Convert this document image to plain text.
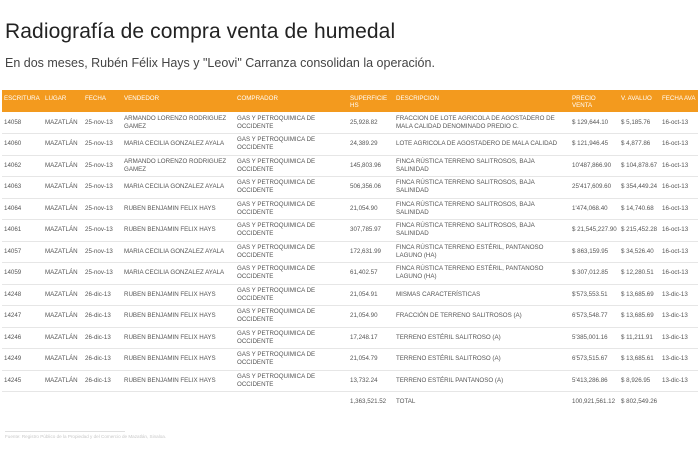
Radiografía de compra venta de humedal

En dos meses, Rubén Félix Hays y "Leovi" Carranza consolidan la operación.

ESCRITURA	LUGAR	FECHA	VENDEDOR	COMPRADOR	SUPERFICIE HS	DESCRIPCION	PRECIO VENTA	V. AVALUO	FECHA AVA
14058	MAZATLÁN	25-nov-13	ARMANDO LORENZO RODRIGUEZ GAMEZ	GAS Y PETROQUIMICA DE OCCIDENTE	25,928.82	FRACCION DE LOTE AGRICOLA DE AGOSTADERO DE MALA CALIDAD DENOMINADO PREDIO C.	$ 129,644.10	$ 5,185.76	16-oct-13
14060	MAZATLÁN	25-nov-13	MARIA CECILIA GONZALEZ AYALA	GAS Y PETROQUIMICA DE OCCIDENTE	24,389.29	LOTE AGRICOLA DE AGOSTADERO DE MALA CALIDAD	$ 121,946.45	$ 4,877.86	16-oct-13
14062	MAZATLÁN	25-nov-13	ARMANDO LORENZO RODRIGUEZ GAMEZ	GAS Y PETROQUIMICA DE OCCIDENTE	145,803.96	FINCA RÚSTICA TERRENO SALITROSOS, BAJA SALINIDAD	10'487,866.90	$ 104,878.67	16-oct-13
14063	MAZATLÁN	25-nov-13	MARIA CECILIA GONZALEZ AYALA	GAS Y PETROQUIMICA DE OCCIDENTE	506,356.06	FINCA RÚSTICA TERRENO SALITROSOS, BAJA SALINIDAD	25'417,609.60	$ 354,449.24	16-oct-13
14064	MAZATLÁN	25-nov-13	RUBEN BENJAMIN FELIX HAYS	GAS Y PETROQUIMICA DE OCCIDENTE	21,054.90	FINCA RÚSTICA TERRENO SALITROSOS, BAJA SALINIDAD	1'474,068.40	$ 14,740.68	16-oct-13
14061	MAZATLÁN	25-nov-13	RUBEN BENJAMIN FELIX HAYS	GAS Y PETROQUIMICA DE OCCIDENTE	307,785.97	FINCA RÚSTICA TERRENO SALITROSOS, BAJA SALINIDAD	$ 21,545,227.90	$ 215,452.28	16-oct-13
14057	MAZATLÁN	25-nov-13	MARIA CECILIA GONZALEZ AYALA	GAS Y PETROQUIMICA DE OCCIDENTE	172,631.99	FINCA RÚSTICA TERRENO ESTÉRIL, PANTANOSO LAGUNO (HA)	$ 863,159.95	$ 34,526.40	16-oct-13
14059	MAZATLÁN	25-nov-13	MARIA CECILIA GONZALEZ AYALA	GAS Y PETROQUIMICA DE OCCIDENTE	61,402.57	FINCA RÚSTICA TERRENO ESTÉRIL, PANTANOSO LAGUNO (HA)	$ 307,012.85	$ 12,280.51	16-oct-13
14248	MAZATLÁN	26-dic-13	RUBEN BENJAMIN FELIX HAYS	GAS Y PETROQUIMICA DE OCCIDENTE	21,054.91	MISMAS CARACTERÍSTICAS	$'573,553.51	$ 13,685.69	13-dic-13
14247	MAZATLÁN	26-dic-13	RUBEN BENJAMIN FELIX HAYS	GAS Y PETROQUIMICA DE OCCIDENTE	21,054.90	FRACCIÓN DE TERRENO SALITROSOS (A)	6'573,548.77	$ 13,685.69	13-dic-13
14246	MAZATLÁN	26-dic-13	RUBEN BENJAMIN FELIX HAYS	GAS Y PETROQUIMICA DE OCCIDENTE	17,248.17	TERRENO ESTÉRIL SALITROSO (A)	5'385,001.16	$ 11,211.91	13-dic-13
14249	MAZATLÁN	26-dic-13	RUBEN BENJAMIN FELIX HAYS	GAS Y PETROQUIMICA DE OCCIDENTE	21,054.79	TERRENO ESTÉRIL SALITROSO (A)	6'573,515.67	$ 13,685.61	13-dic-13
14245	MAZATLÁN	26-dic-13	RUBEN BENJAMIN FELIX HAYS	GAS Y PETROQUIMICA DE OCCIDENTE	13,732.24	TERRENO ESTÉRIL PANTANOSO (A)	5'413,286.86	$ 8,926.95	13-dic-13
					1,363,521.52	TOTAL	100,921,561.12	$ 802,549.26	

Fuente: Registro Público de la Propiedad y del Comercio de Mazatlán, Sinaloa.
